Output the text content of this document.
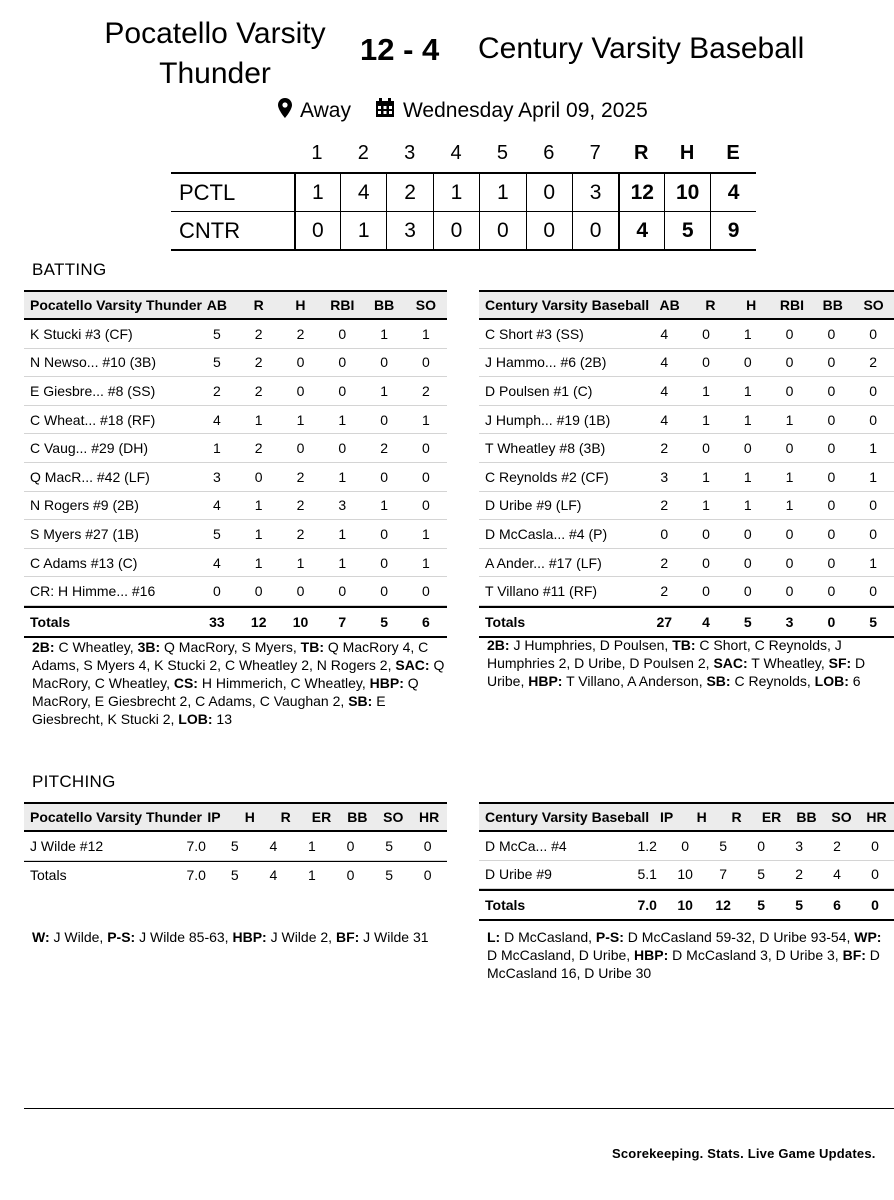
Pocatello Varsity Thunder
12 - 4 Century Varsity Baseball
Away Wednesday April 09, 2025
1	2	3	4	5	6	7	R	H	E
PCTL	1	4	2	1	1	0	3	12	10	4
CNTR	0	1	3	0	0	0	0	4	5	9
BATTING
Pocatello Varsity Thunder AB	R	H	RBI	BB	SO
K Stucki #3 (CF)	5	2	2	0	1	1
N Newso... #10 (3B)	5	2	0	0	0	0
E Giesbre... #8 (SS)	2	2	0	0	1	2
C Wheat... #18 (RF)	4	1	1	1	0	1
C Vaug... #29 (DH)	1	2	0	0	2	0
Q MacR... #42 (LF)	3	0	2	1	0	0
N Rogers #9 (2B)	4	1	2	3	1	0
S Myers #27 (1B)	5	1	2	1	0	1
C Adams #13 (C)	4	1	1	1	0	1
CR: H Himme... #16	0	0	0	0	0	0
Totals	33	12	10	7	5	6
Century Varsity Baseball AB	R	H	RBI	BB	SO
C Short #3 (SS)	4	0	1	0	0	0
J Hammo... #6 (2B)	4	0	0	0	0	2
D Poulsen #1 (C)	4	1	1	0	0	0
J Humph... #19 (1B)	4	1	1	1	0	0
T Wheatley #8 (3B)	2	0	0	0	0	1
C Reynolds #2 (CF)	3	1	1	1	0	1
D Uribe #9 (LF)	2	1	1	1	0	0
D McCasla... #4 (P)	0	0	0	0	0	0
A Ander... #17 (LF)	2	0	0	0	0	1
T Villano #11 (RF)	2	0	0	0	0	0
Totals	27	4	5	3	0	5
2B: C Wheatley, 3B: Q MacRory, S Myers, TB: Q MacRory 4, C Adams, S Myers 4, K Stucki 2, C Wheatley 2, N Rogers 2, SAC: Q MacRory, C Wheatley, CS: H Himmerich, C Wheatley, HBP: Q MacRory, E Giesbrecht 2, C Adams, C Vaughan 2, SB: E Giesbrecht, K Stucki 2, LOB: 13
2B: J Humphries, D Poulsen, TB: C Short, C Reynolds, J Humphries 2, D Uribe, D Poulsen 2, SAC: T Wheatley, SF: D Uribe, HBP: T Villano, A Anderson, SB: C Reynolds, LOB: 6
PITCHING
Pocatello Varsity Thunder IP	H	R	ER	BB	SO	HR
J Wilde #12	7.0	5	4	1	0	5	0
Totals	7.0	5	4	1	0	5	0
Century Varsity Baseball IP	H	R	ER	BB	SO	HR
D McCa... #4	1.2	0	5	0	3	2	0
D Uribe #9	5.1	10	7	5	2	4	0
Totals	7.0	10	12	5	5	6	0
W: J Wilde, P-S: J Wilde 85-63, HBP: J Wilde 2, BF: J Wilde 31	L: D McCasland, P-S: D McCasland 59-32, D Uribe 93-54, WP: D McCasland, D Uribe, HBP: D McCasland 3, D Uribe 3, BF: D McCasland 16, D Uribe 30
Scorekeeping. Stats. Live Game Updates.
